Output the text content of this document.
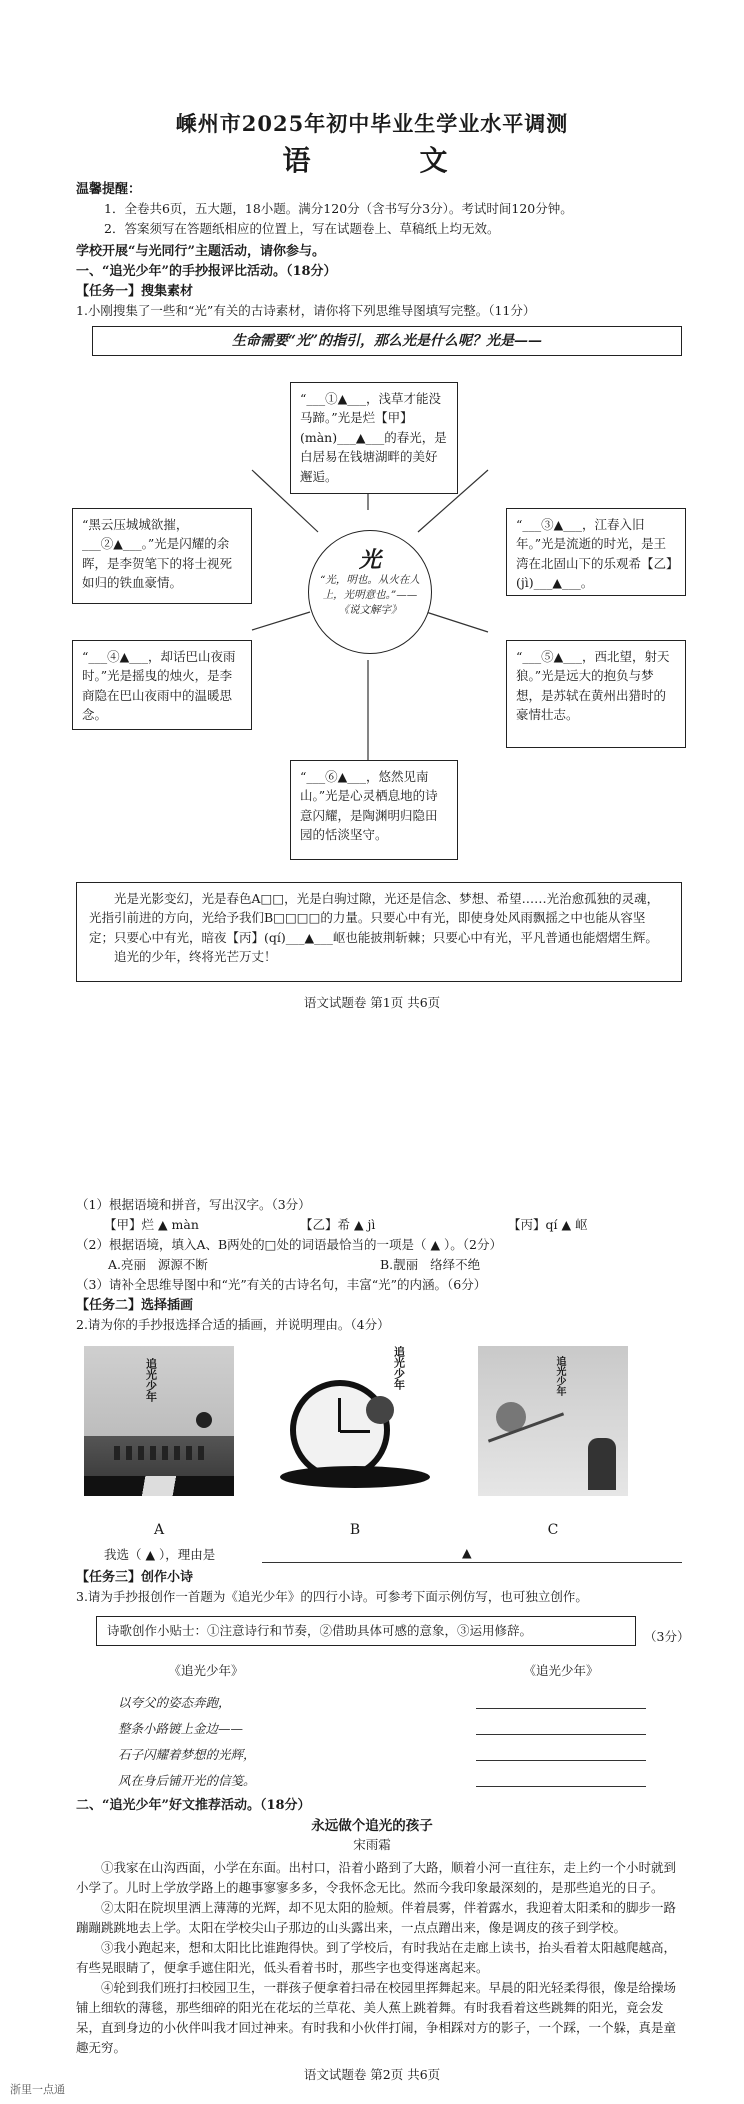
嵊州市2025年初中毕业生学业水平调测
语    文
温馨提醒：
1．全卷共6页，五大题，18小题。满分120分（含书写分3分）。考试时间120分钟。
2．答案须写在答题纸相应的位置上，写在试题卷上、草稿纸上均无效。
学校开展“与光同行”主题活动，请你参与。
一、“追光少年”的手抄报评比活动。（18分）
【任务一】搜集素材
1.小刚搜集了一些和“光”有关的古诗素材，请你将下列思维导图填写完整。（11分）
生命需要“光”的指引，那么光是什么呢？光是——
“___①▲___，浅草才能没马蹄。”光是烂【甲】(màn)___▲___的春光，是白居易在钱塘湖畔的美好邂逅。
“黑云压城城欲摧，___②▲___。”光是闪耀的余晖，是李贺笔下的将士视死如归的铁血豪情。
“___③▲___，江春入旧年。”光是流逝的时光，是王湾在北固山下的乐观希【乙】(jì)___▲___。
“___④▲___，却话巴山夜雨时。”光是摇曳的烛火，是李商隐在巴山夜雨中的温暖思念。
“___⑤▲___，西北望，射天狼。”光是远大的抱负与梦想，是苏轼在黄州出猎时的豪情壮志。
“___⑥▲___，悠然见南山。”光是心灵栖息地的诗意闪耀，是陶渊明归隐田园的恬淡坚守。
光
“光，明也。从火在人上，光明意也。”——
《说文解字》
光是光影变幻，光是春色A□□，光是白驹过隙，光还是信念、梦想、希望……光治愈孤独的灵魂，光指引前进的方向，光给予我们B□□□□的力量。只要心中有光，即使身处风雨飘摇之中也能从容坚定；只要心中有光，暗夜【丙】(qí)___▲___岖也能披荆斩棘；只要心中有光，平凡普通也能熠熠生辉。
追光的少年，终将光芒万丈！
语文试题卷 第1页 共6页
（1）根据语境和拼音，写出汉字。（3分）
【甲】烂 ▲ màn	【乙】希 ▲ jì	【丙】qí ▲ 岖
（2）根据语境，填入A、B两处的□处的词语最恰当的一项是（ ▲ ）。（2分）
A.亮丽   源源不断	B.靓丽   络绎不绝
（3）请补全思维导图中和“光”有关的古诗名句，丰富“光”的内涵。（6分）
【任务二】选择插画
2.请为你的手抄报选择合适的插画，并说明理由。（4分）
追光少年
A
追光少年
B
追光少年
C
我选（ ▲ ），理由是	▲
【任务三】创作小诗
3.请为手抄报创作一首题为《追光少年》的四行小诗。可参考下面示例仿写，也可独立创作。
诗歌创作小贴士：①注意诗行和节奏，②借助具体可感的意象，③运用修辞。	（3分）
《追光少年》
以夸父的姿态奔跑，
整条小路镀上金边——
石子闪耀着梦想的光辉，
风在身后铺开光的信笺。
《追光少年》
二、“追光少年”好文推荐活动。（18分）
永远做个追光的孩子
宋雨霜
①我家在山沟西面，小学在东面。出村口，沿着小路到了大路，顺着小河一直往东，走上约一个小时就到小学了。儿时上学放学路上的趣事寥寥多多，令我怀念无比。然而今我印象最深刻的，是那些追光的日子。
②太阳在院坝里洒上薄薄的光辉，却不见太阳的脸颊。伴着晨雾，伴着露水，我迎着太阳柔和的脚步一路蹦蹦跳跳地去上学。太阳在学校尖山子那边的山头露出来，一点点蹭出来，像是调皮的孩子到学校。
③我小跑起来，想和太阳比比谁跑得快。到了学校后，有时我站在走廊上读书，抬头看着太阳越爬越高，有些晃眼睛了，便拿手遮住阳光，低头看着书时，那些字也变得迷离起来。
④轮到我们班打扫校园卫生，一群孩子便拿着扫帚在校园里挥舞起来。早晨的阳光轻柔得很，像是给操场铺上细软的薄毯，那些细碎的阳光在花坛的兰草花、美人蕉上跳着舞。有时我看着这些跳舞的阳光，竟会发呆，直到身边的小伙伴叫我才回过神来。有时我和小伙伴打闹，争相踩对方的影子，一个踩，一个躲，真是童趣无穷。
语文试题卷 第2页 共6页
浙里一点通
